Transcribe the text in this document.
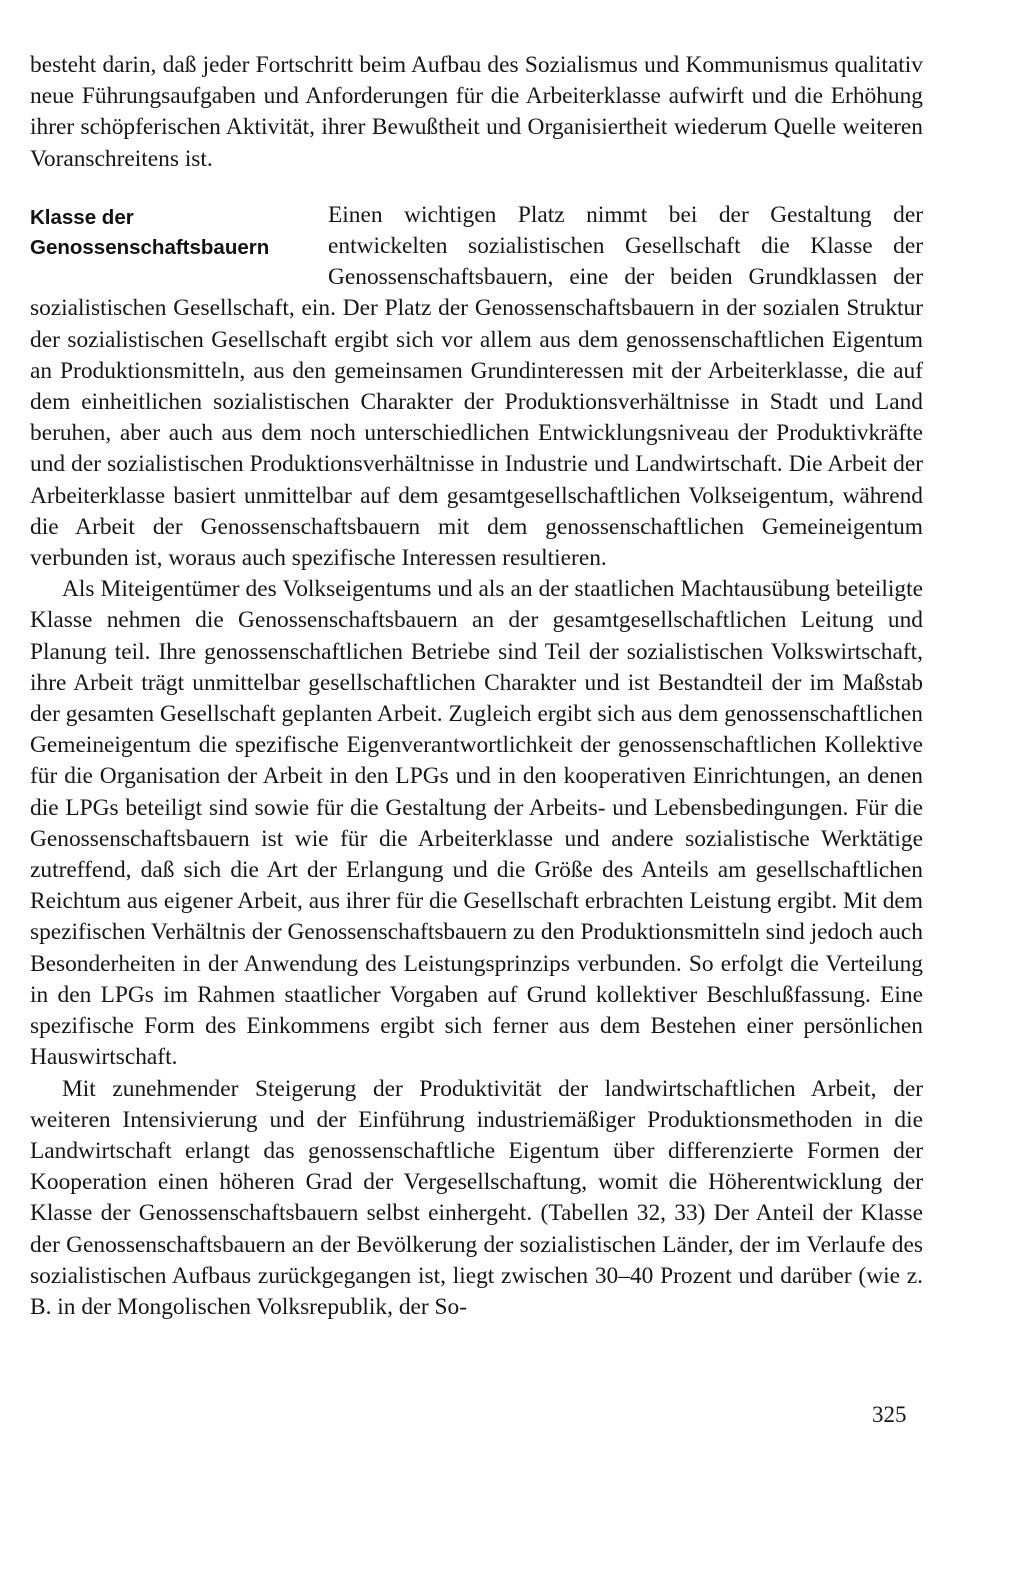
besteht darin, daß jeder Fortschritt beim Aufbau des Sozialismus und Kommunismus qualitativ neue Führungsaufgaben und Anforderungen für die Arbeiterklasse aufwirft und die Erhöhung ihrer schöpferischen Aktivität, ihrer Bewußtheit und Organisiertheit wiederum Quelle weiteren Voranschreitens ist.

Klasse der
Genossenschaftsbauern

Einen wichtigen Platz nimmt bei der Gestaltung der entwickelten sozialistischen Gesellschaft die Klasse der Genossenschaftsbauern, eine der beiden Grundklassen der sozialistischen Gesellschaft, ein. Der Platz der Genossenschaftsbauern in der sozialen Struktur der sozialistischen Gesellschaft ergibt sich vor allem aus dem genossenschaftlichen Eigentum an Produktionsmitteln, aus den gemeinsamen Grundinteressen mit der Arbeiterklasse, die auf dem einheitlichen sozialistischen Charakter der Produktionsverhältnisse in Stadt und Land beruhen, aber auch aus dem noch unterschiedlichen Entwicklungsniveau der Produktivkräfte und der sozialistischen Produktionsverhältnisse in Industrie und Landwirtschaft. Die Arbeit der Arbeiterklasse basiert unmittelbar auf dem gesamtgesellschaftlichen Volkseigentum, während die Arbeit der Genossenschaftsbauern mit dem genossenschaftlichen Gemeineigentum verbunden ist, woraus auch spezifische Interessen resultieren.

Als Miteigentümer des Volkseigentums und als an der staatlichen Machtausübung beteiligte Klasse nehmen die Genossenschaftsbauern an der gesamtgesellschaftlichen Leitung und Planung teil. Ihre genossenschaftlichen Betriebe sind Teil der sozialistischen Volkswirtschaft, ihre Arbeit trägt unmittelbar gesellschaftlichen Charakter und ist Bestandteil der im Maßstab der gesamten Gesellschaft geplanten Arbeit. Zugleich ergibt sich aus dem genossenschaftlichen Gemeineigentum die spezifische Eigenverantwortlichkeit der genossenschaftlichen Kollektive für die Organisation der Arbeit in den LPGs und in den kooperativen Einrichtungen, an denen die LPGs beteiligt sind sowie für die Gestaltung der Arbeits- und Lebensbedingungen. Für die Genossenschaftsbauern ist wie für die Arbeiterklasse und andere sozialistische Werktätige zutreffend, daß sich die Art der Erlangung und die Größe des Anteils am gesellschaftlichen Reichtum aus eigener Arbeit, aus ihrer für die Gesellschaft erbrachten Leistung ergibt. Mit dem spezifischen Verhältnis der Genossenschaftsbauern zu den Produktionsmitteln sind jedoch auch Besonderheiten in der Anwendung des Leistungsprinzips verbunden. So erfolgt die Verteilung in den LPGs im Rahmen staatlicher Vorgaben auf Grund kollektiver Beschlußfassung. Eine spezifische Form des Einkommens ergibt sich ferner aus dem Bestehen einer persönlichen Hauswirtschaft.

Mit zunehmender Steigerung der Produktivität der landwirtschaftlichen Arbeit, der weiteren Intensivierung und der Einführung industriemäßiger Produktionsmethoden in die Landwirtschaft erlangt das genossenschaftliche Eigentum über differenzierte Formen der Kooperation einen höheren Grad der Vergesellschaftung, womit die Höherentwicklung der Klasse der Genossenschaftsbauern selbst einhergeht. (Tabellen 32, 33) Der Anteil der Klasse der Genossenschaftsbauern an der Bevölkerung der sozialistischen Länder, der im Verlaufe des sozialistischen Aufbaus zurückgegangen ist, liegt zwischen 30–40 Prozent und darüber (wie z. B. in der Mongolischen Volksrepublik, der So-

325
